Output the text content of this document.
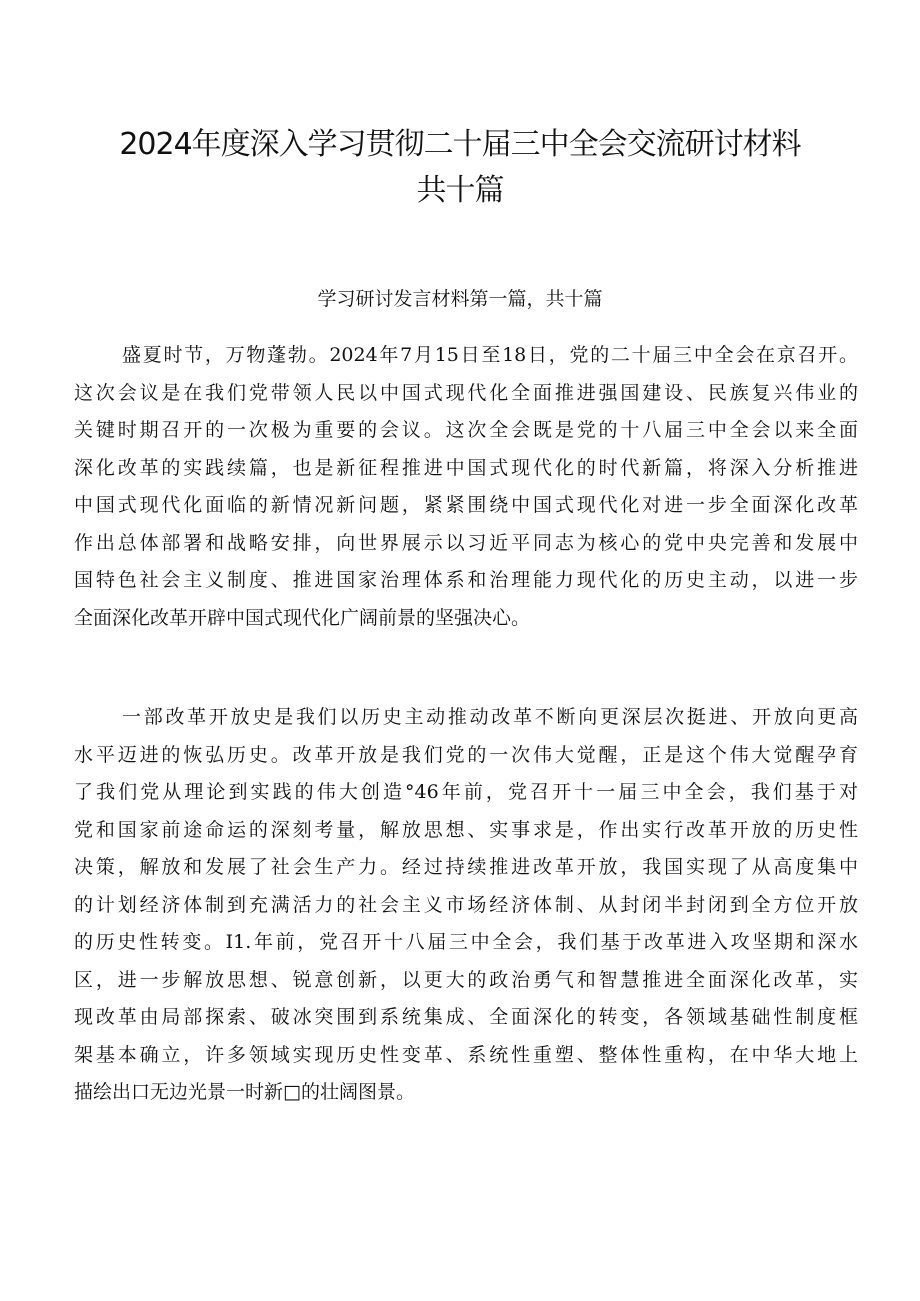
2024年度深入学习贯彻二十届三中全会交流研讨材料
共十篇
学习研讨发言材料第一篇，共十篇
盛夏时节，万物蓬勃。2024年7月15日至18日，党的二十届三中全会在京召开。
这次会议是在我们党带领人民以中国式现代化全面推进强国建设、民族复兴伟业的
关键时期召开的一次极为重要的会议。这次全会既是党的十八届三中全会以来全面
深化改革的实践续篇，也是新征程推进中国式现代化的时代新篇，将深入分析推进
中国式现代化面临的新情况新问题，紧紧围绕中国式现代化对进一步全面深化改革
作出总体部署和战略安排，向世界展示以习近平同志为核心的党中央完善和发展中
国特色社会主义制度、推进国家治理体系和治理能力现代化的历史主动，以进一步
全面深化改革开辟中国式现代化广阔前景的坚强决心。
一部改革开放史是我们以历史主动推动改革不断向更深层次挺进、开放向更高
水平迈进的恢弘历史。改革开放是我们党的一次伟大觉醒，正是这个伟大觉醒孕育
了我们党从理论到实践的伟大创造°46年前，党召开十一届三中全会，我们基于对
党和国家前途命运的深刻考量，解放思想、实事求是，作出实行改革开放的历史性
决策，解放和发展了社会生产力。经过持续推进改革开放，我国实现了从高度集中
的计划经济体制到充满活力的社会主义市场经济体制、从封闭半封闭到全方位开放
的历史性转变。I1.年前，党召开十八届三中全会，我们基于改革进入攻坚期和深水
区，进一步解放思想、锐意创新，以更大的政治勇气和智慧推进全面深化改革，实
现改革由局部探索、破冰突围到系统集成、全面深化的转变，各领域基础性制度框
架基本确立，许多领域实现历史性变革、系统性重塑、整体性重构，在中华大地上
描绘出口无边光景一时新□的壮阔图景。
